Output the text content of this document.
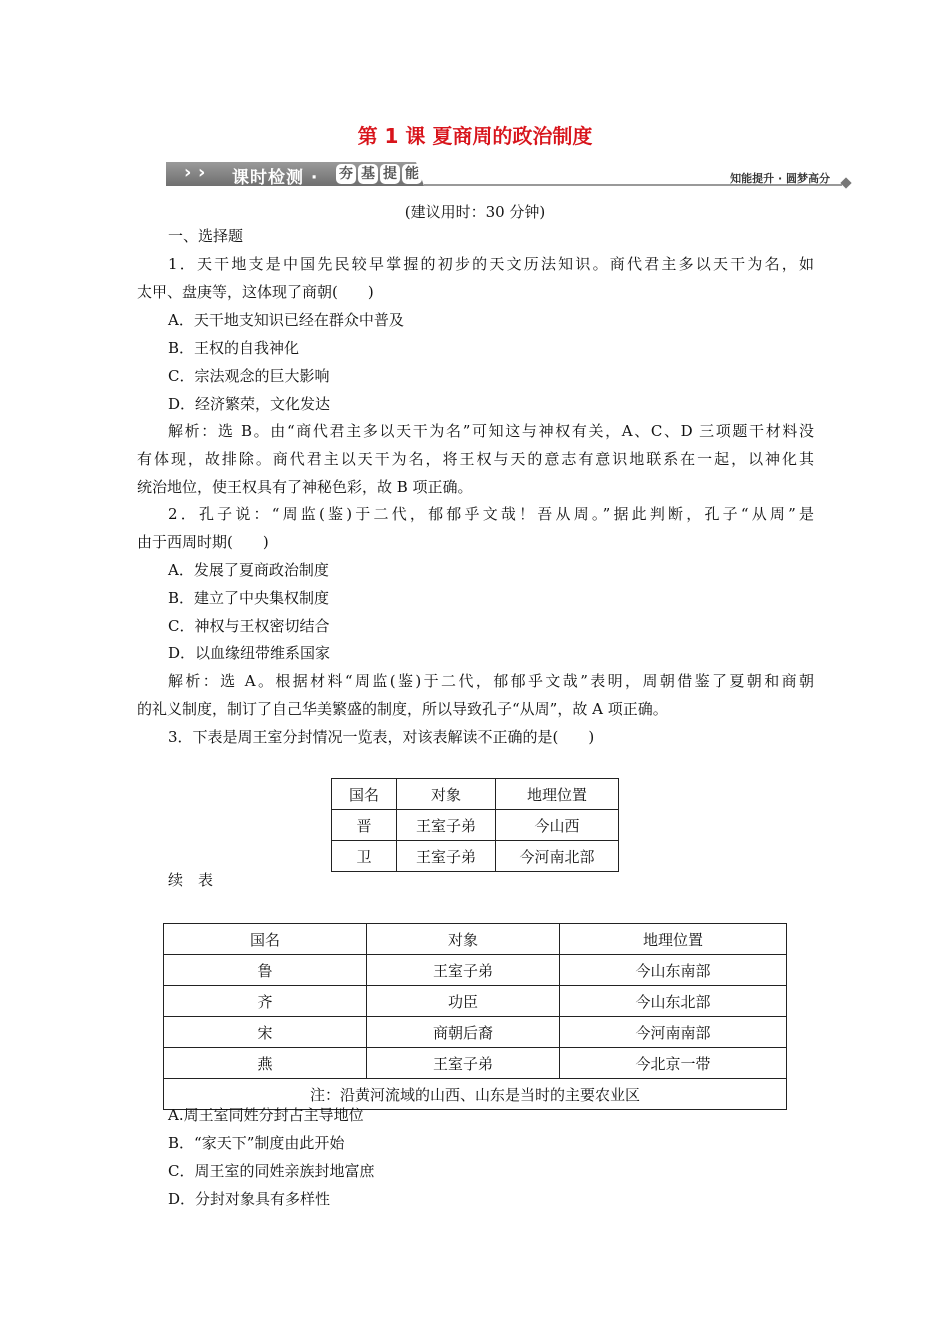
第 1 课 夏商周的政治制度
› ›	课时检测 · 夯 基 提 能	知能提升 · 圆梦高分
(建议用时：30 分钟)
一、选择题
1．天干地支是中国先民较早掌握的初步的天文历法知识。商代君主多以天干为名，如
太甲、盘庚等，这体现了商朝(　　)
A．天干地支知识已经在群众中普及
B．王权的自我神化
C．宗法观念的巨大影响
D．经济繁荣，文化发达
解析：选 B。由“商代君主多以天干为名”可知这与神权有关，A、C、D 三项题干材料没
有体现，故排除。商代君主以天干为名，将王权与天的意志有意识地联系在一起，以神化其
统治地位，使王权具有了神秘色彩，故 B 项正确。
2．孔子说：“周监(鉴)于二代，郁郁乎文哉！吾从周。”据此判断，孔子“从周”是
由于西周时期(　　)
A．发展了夏商政治制度
B．建立了中央集权制度
C．神权与王权密切结合
D．以血缘纽带维系国家
解析：选 A。根据材料“周监(鉴)于二代，郁郁乎文哉”表明，周朝借鉴了夏朝和商朝
的礼义制度，制订了自己华美繁盛的制度，所以导致孔子“从周”，故 A 项正确。
3．下表是周王室分封情况一览表，对该表解读不正确的是(　　)
国名	对象	地理位置
晋	王室子弟	今山西
卫	王室子弟	今河南北部
续　表
国名	对象	地理位置
鲁	王室子弟	今山东南部
齐	功臣	今山东北部
宋	商朝后裔	今河南南部
燕	王室子弟	今北京一带
注：沿黄河流域的山西、山东是当时的主要农业区		
A.周王室同姓分封占主导地位
B．“家天下”制度由此开始
C．周王室的同姓亲族封地富庶
D．分封对象具有多样性
